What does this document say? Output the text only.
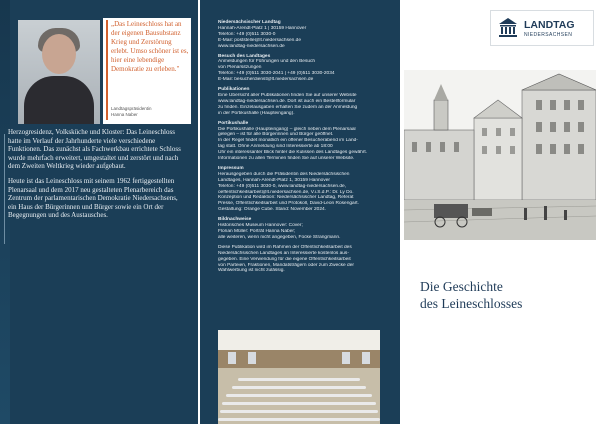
„Das Leineschloss hat an der eigenen Bausubstanz Krieg und Zerstörung erlebt. Umso schöner ist es, hier eine lebendige Demokratie zu erleben."
Landtagspräsidentin
Hanna Naber

Herzogresidenz, Volksküche und Kloster: Das Leineschloss hatte im Verlauf der Jahrhunderte viele verschiedene Funktionen. Das zunächst als Fachwerkbau errichtete Schloss wurde mehrfach erweitert, umgestaltet und zerstört und nach dem Zweiten Weltkrieg wieder aufgebaut.

Heute ist das Leineschloss mit seinem 1962 fertiggestellten Plenarsaal und dem 2017 neu gestalteten Plenarbereich das Zentrum der parlamentarischen Demokratie Niedersachsens, ein Haus der Bürgerinnen und Bürger sowie ein Ort der Begegnungen und des Austausches.

Niedersächsischer Landtag
Hannah-Arendt-Platz 1 | 30159 Hannover
Telefon: +49 (0)511 3030-0
E-Mail: poststelle@lt.niedersachsen.de
www.landtag-niedersachsen.de
Besuch des Landtages
Anmeldungen für Führungen und den Besuch
von Plenarsitzungen
Telefon: +49 (0)511 3030-2041 | +49 (0)511 3030-2034
E-Mail: besucherdienst@lt.niedersachsen.de
Publikationen
Eine Übersicht aller Publikationen finden Sie auf unserer Website
www.landtag-niedersachsen.de. Dort ist auch ein Bestellformular
zu finden. Einzelausgaben erhalten Sie zudem an der Anmeldung
in der Portikushalle (Haupteingang).
Portikushalle
Die Portikushalle (Haupteingang) – gleich neben dem Plenarsaal
gelegen – ist für alle Bürgerinnen und Bürger geöffnet.
In der Regel findet monatlich ein offener Besucherabend im Land-
tag statt. Ohne Anmeldung sind Interessierte ab 18:00
Uhr ein interessanter Blick hinter die Kulissen des Landtages gewährt.
Informationen zu allen Terminen finden Sie auf unserer Website.
Impressum
Herausgegeben durch die Präsidentin des Niedersächsischen
Landtages, Hannah-Arendt-Platz 1, 30159 Hannover
Telefon: +49 (0)511 3030-0, www.landtag-niedersachsen.de,
oeffentlichkeitsarbeit@lt.niedersachsen.de, V.i.S.d.P.: Dr. Ly Do.
Konzeption und Redaktion: Niedersächsischer Landtag, Referat
Presse, Öffentlichkeitsarbeit und Protokoll, David-Leon Rosengart.
Gestaltung: Orange Cube. Stand: November 2024.
Bildnachweise
Historisches Museum Hannover: Cover;
Florian Müller: Porträt Hanna Naber;
alle weiteren, wenn nicht angegeben, Focke Strangmann.
Diese Publikation wird im Rahmen der Öffentlichkeitsarbeit des
Niedersächsischen Landtages an Interessierte kostenlos aus-
gegeben. Eine Verwendung für die eigene Öffentlichkeitsarbeit
von Parteien, Fraktionen, Mandatsträgern oder zum Zwecke der
Wahlwerbung ist nicht zulässig.
LANDTAG
NIEDERSACHSEN
Die Geschichte
des Leineschlosses
